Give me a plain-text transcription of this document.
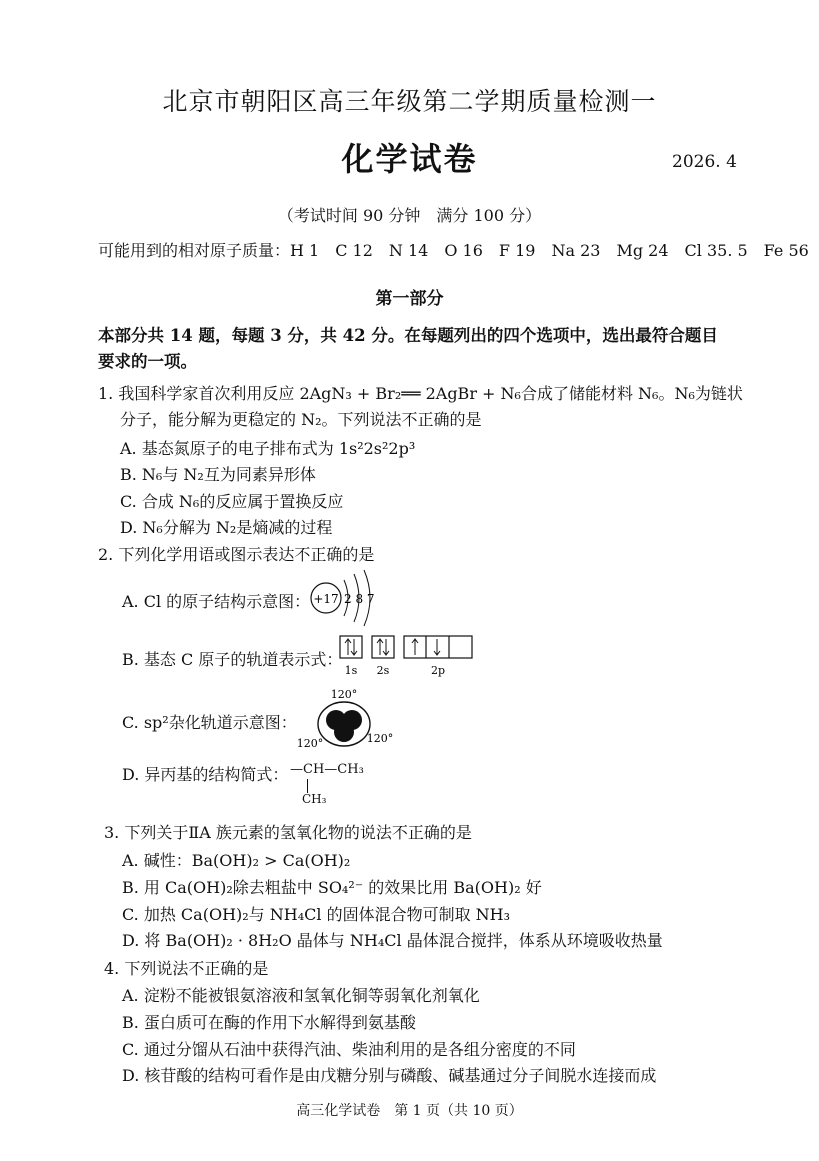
北京市朝阳区高三年级第二学期质量检测一
化学试卷	2026. 4
（考试时间 90 分钟　满分 100 分）
可能用到的相对原子质量：H 1　C 12　N 14　O 16　F 19　Na 23　Mg 24　Cl 35. 5　Fe 56
第一部分
本部分共 14 题，每题 3 分，共 42 分。在每题列出的四个选项中，选出最符合题目要求的一项。
1. 我国科学家首次利用反应 2AgN₃ + Br₂══ 2AgBr + N₆合成了储能材料 N₆。N₆为链状
分子，能分解为更稳定的 N₂。下列说法不正确的是
A. 基态氮原子的电子排布式为 1s²2s²2p³
B. N₆与 N₂互为同素异形体
C. 合成 N₆的反应属于置换反应
D. N₆分解为 N₂是熵减的过程
2. 下列化学用语或图示表达不正确的是
A. Cl 的原子结构示意图： +17 2 8 7
B. 基态 C 原子的轨道表示式：
1s 2s	2p
C. sp²杂化轨道示意图：
120°
120°	120°
D. 异丙基的结构简式： —CH—CH₃
CH₃
3. 下列关于ⅡA 族元素的氢氧化物的说法不正确的是
A. 碱性：Ba(OH)₂ > Ca(OH)₂
B. 用 Ca(OH)₂除去粗盐中 SO₄²⁻ 的效果比用 Ba(OH)₂ 好
C. 加热 Ca(OH)₂与 NH₄Cl 的固体混合物可制取 NH₃
D. 将 Ba(OH)₂ · 8H₂O 晶体与 NH₄Cl 晶体混合搅拌，体系从环境吸收热量
4. 下列说法不正确的是
A. 淀粉不能被银氨溶液和氢氧化铜等弱氧化剂氧化
B. 蛋白质可在酶的作用下水解得到氨基酸
C. 通过分馏从石油中获得汽油、柴油利用的是各组分密度的不同
D. 核苷酸的结构可看作是由戊糖分别与磷酸、碱基通过分子间脱水连接而成
高三化学试卷　第 1 页（共 10 页）
